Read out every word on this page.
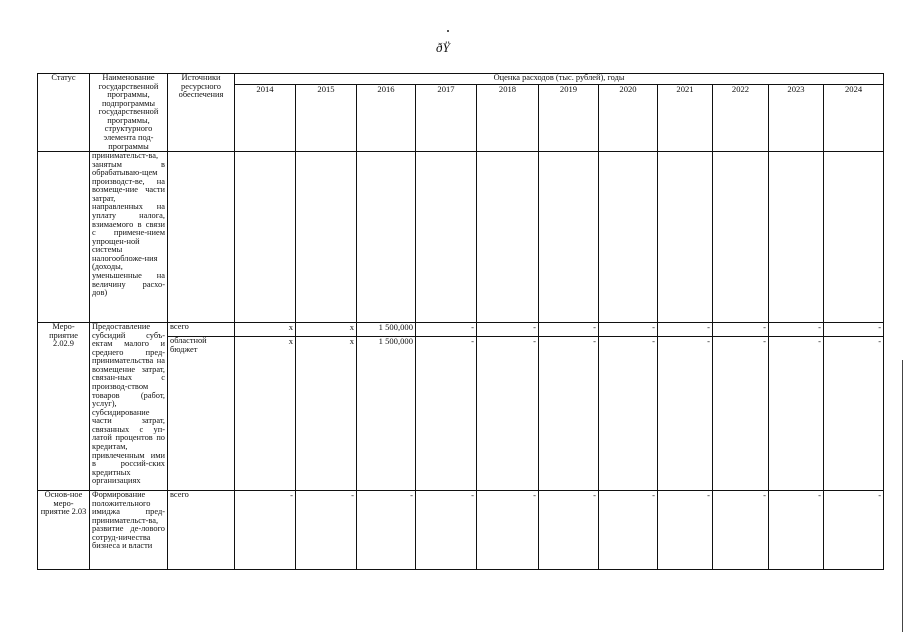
ðŸ
Статус	Наименование государственной программы, подпрограммы государственной программы, структурного элемента под-программы	Источники ресурсного обеспечения	Оценка расходов (тыс. рублей), годы										
			2014	2015	2016	2017	2018	2019	2020	2021	2022	2023	2024
	принимательст-ва, занятым в обрабатываю-щем производст-ве, на возмеще-ние части затрат, направленных на уплату налога, взимаемого в связи с примене-нием упрощен-ной системы налогообложе-ния (доходы, уменьшенные на величину расхо-дов)												
Меро-приятие 2.02.9	Предоставление субсидий субъ-ектам малого и среднего пред-принимательства на возмещение затрат, связан-ных с производ-ством товаров (работ, услуг), субсидирование части затрат, связанных с уп-латой процентов по кредитам, привлеченным ими в россий-ских кредитных организациях	всего	x	x	1 500,000	-	-	-	-	-	-	-	-
		областной бюджет	x	x	1 500,000	-	-	-	-	-	-	-	-
Основ-ное меро-приятие 2.03	Формирование положительного имиджа пред-принимательст-ва, развитие де-лового сотруд-ничества бизнеса и власти	всего	-	-	-	-	-	-	-	-	-	-	-
